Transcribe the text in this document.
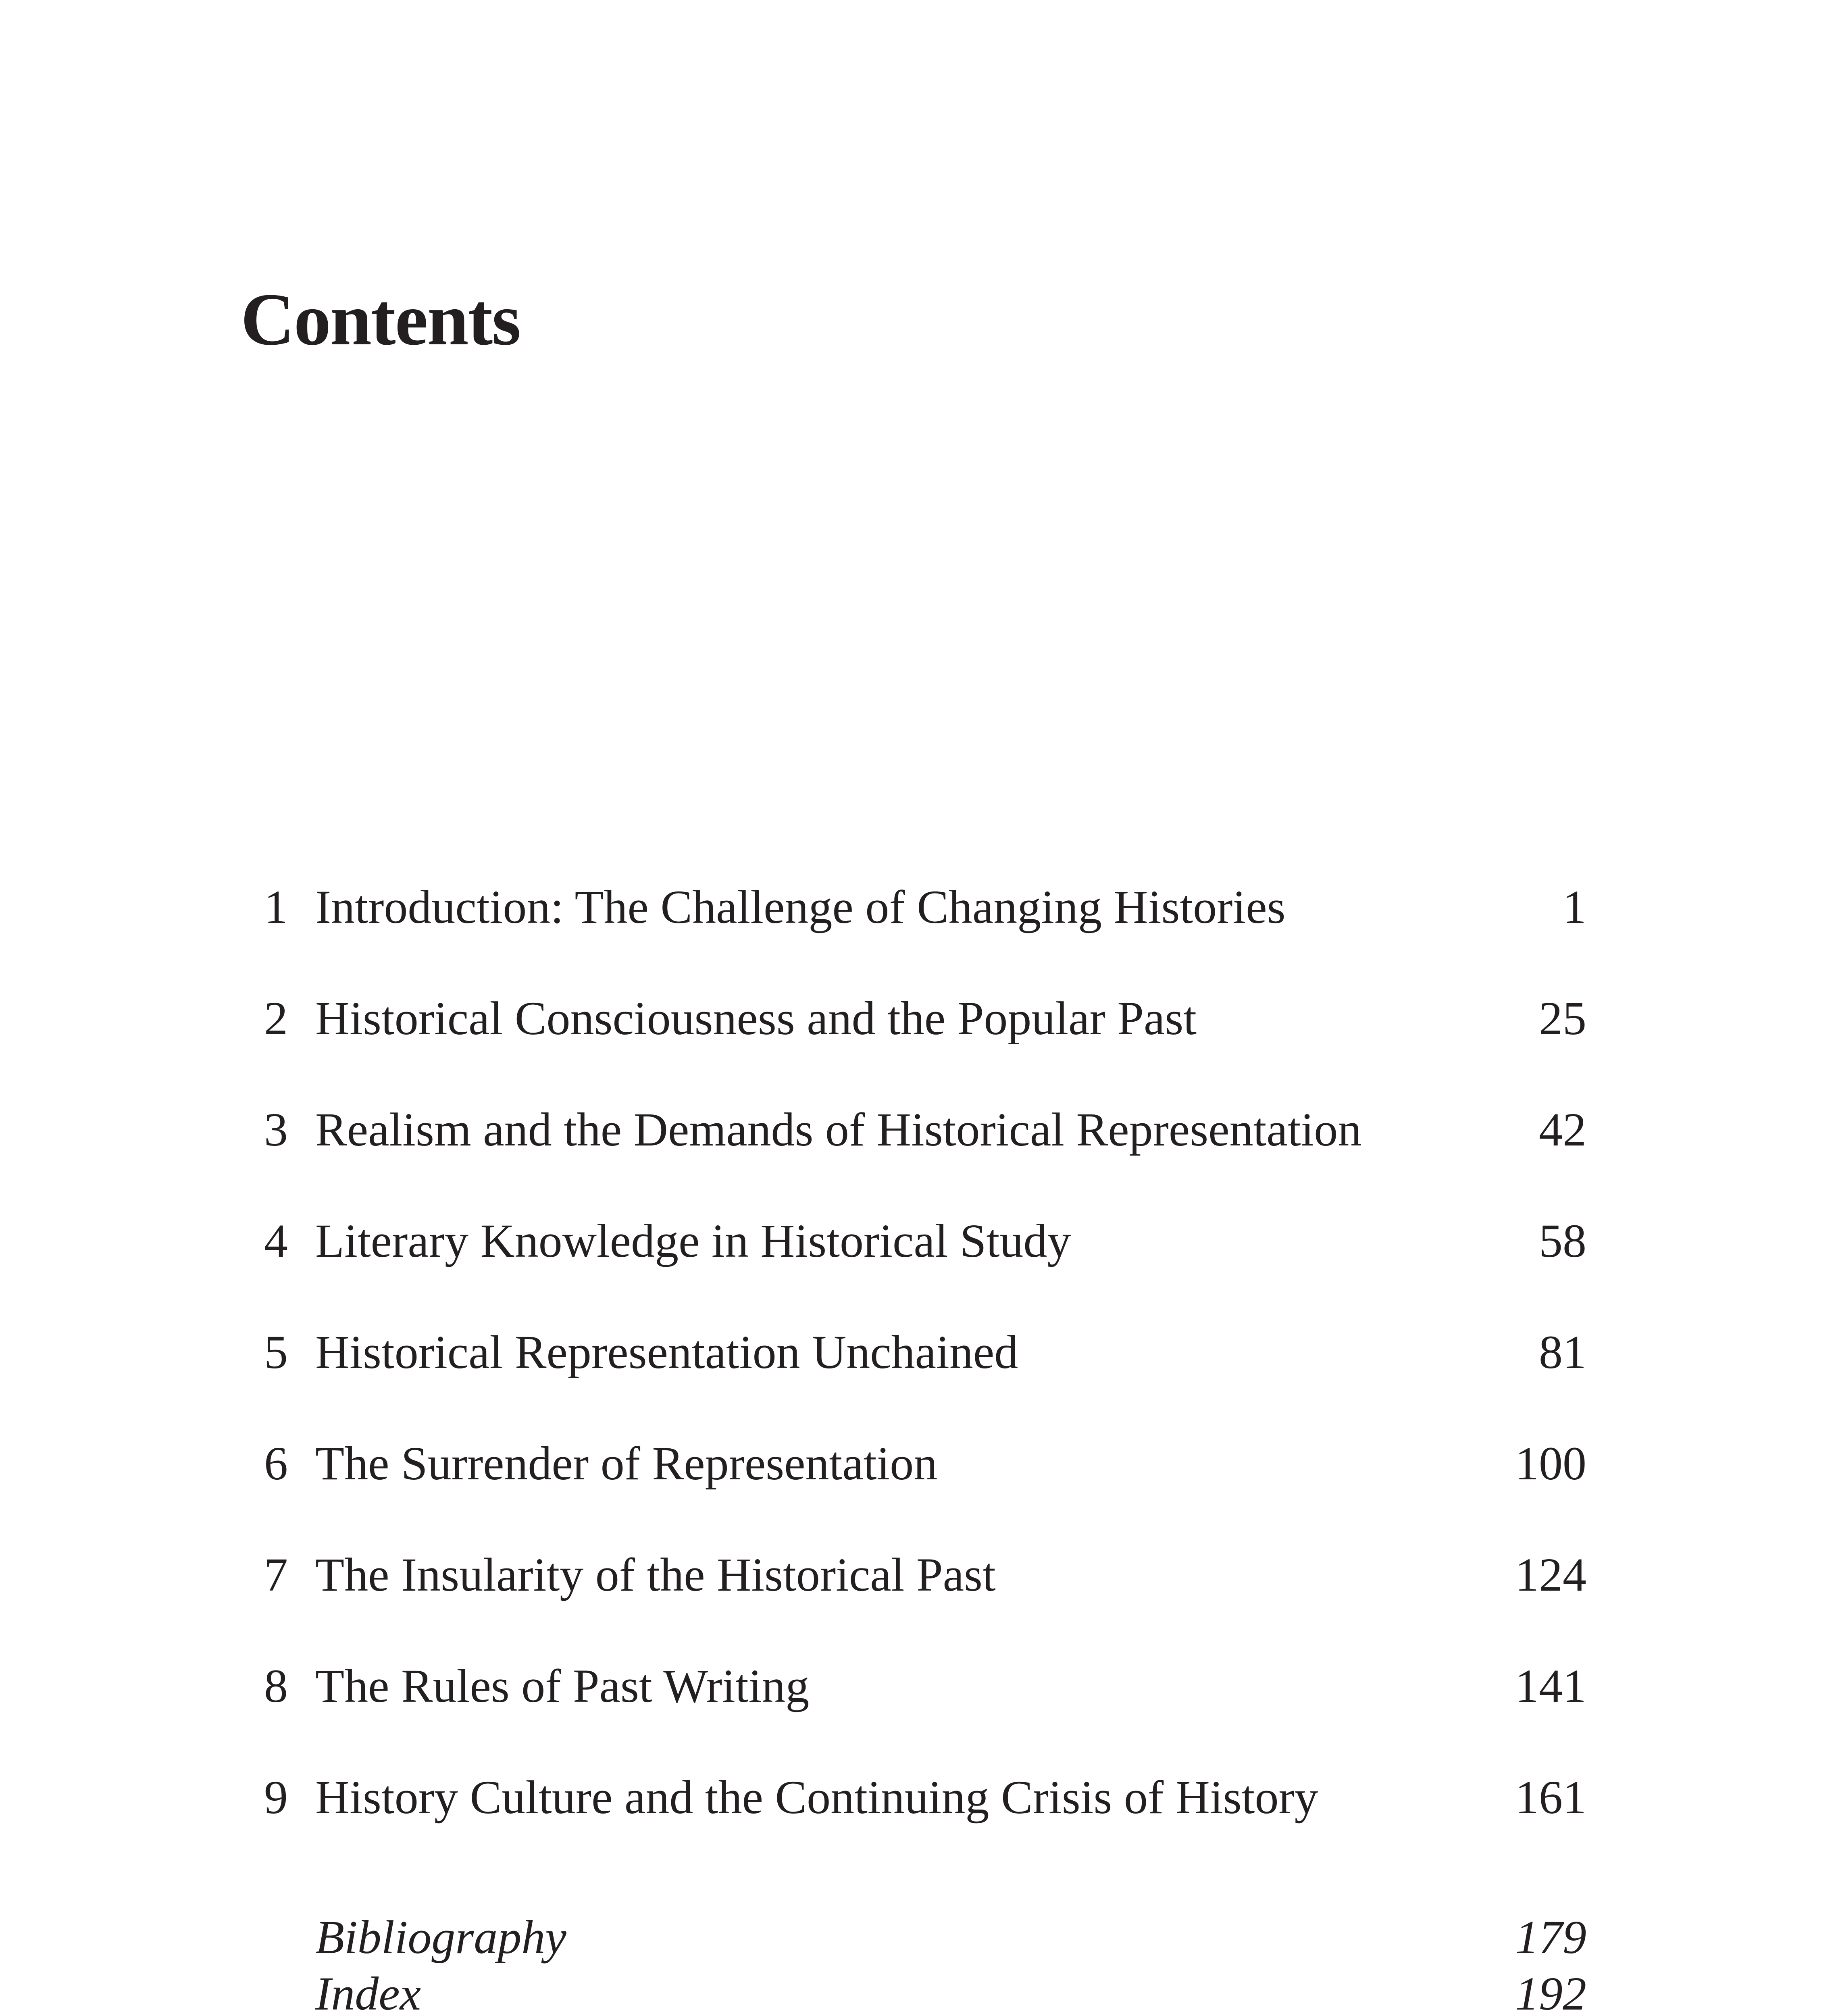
Contents
1 Introduction: The Challenge of Changing Histories	1
2 Historical Consciousness and the Popular Past	25
3 Realism and the Demands of Historical Representation	42
4 Literary Knowledge in Historical Study	58
5 Historical Representation Unchained	81
6 The Surrender of Representation	100
7 The Insularity of the Historical Past	124
8 The Rules of Past Writing	141
9 History Culture and the Continuing Crisis of History	161
Bibliography	179
Index	192
